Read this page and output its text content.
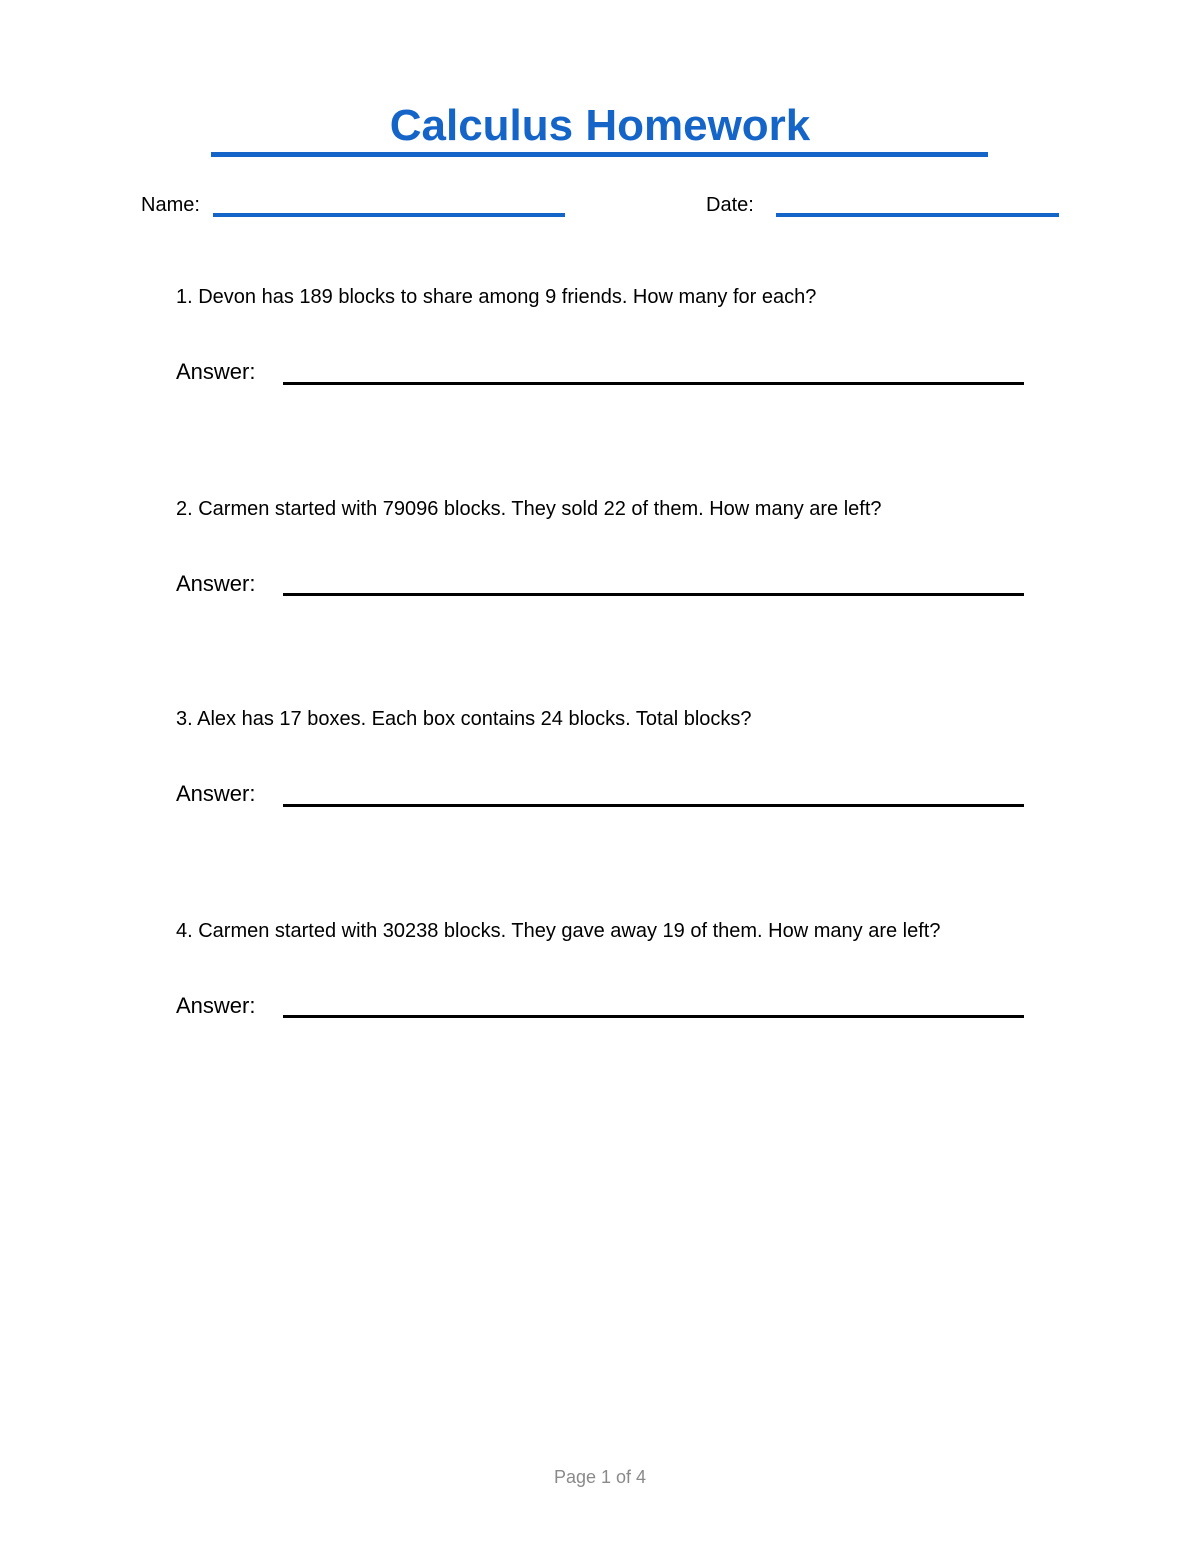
Calculus Homework
Name:	Date:
1. Devon has 189 blocks to share among 9 friends. How many for each?
Answer:
2. Carmen started with 79096 blocks. They sold 22 of them. How many are left?
Answer:
3. Alex has 17 boxes. Each box contains 24 blocks. Total blocks?
Answer:
4. Carmen started with 30238 blocks. They gave away 19 of them. How many are left?
Answer:
Page 1 of 4
